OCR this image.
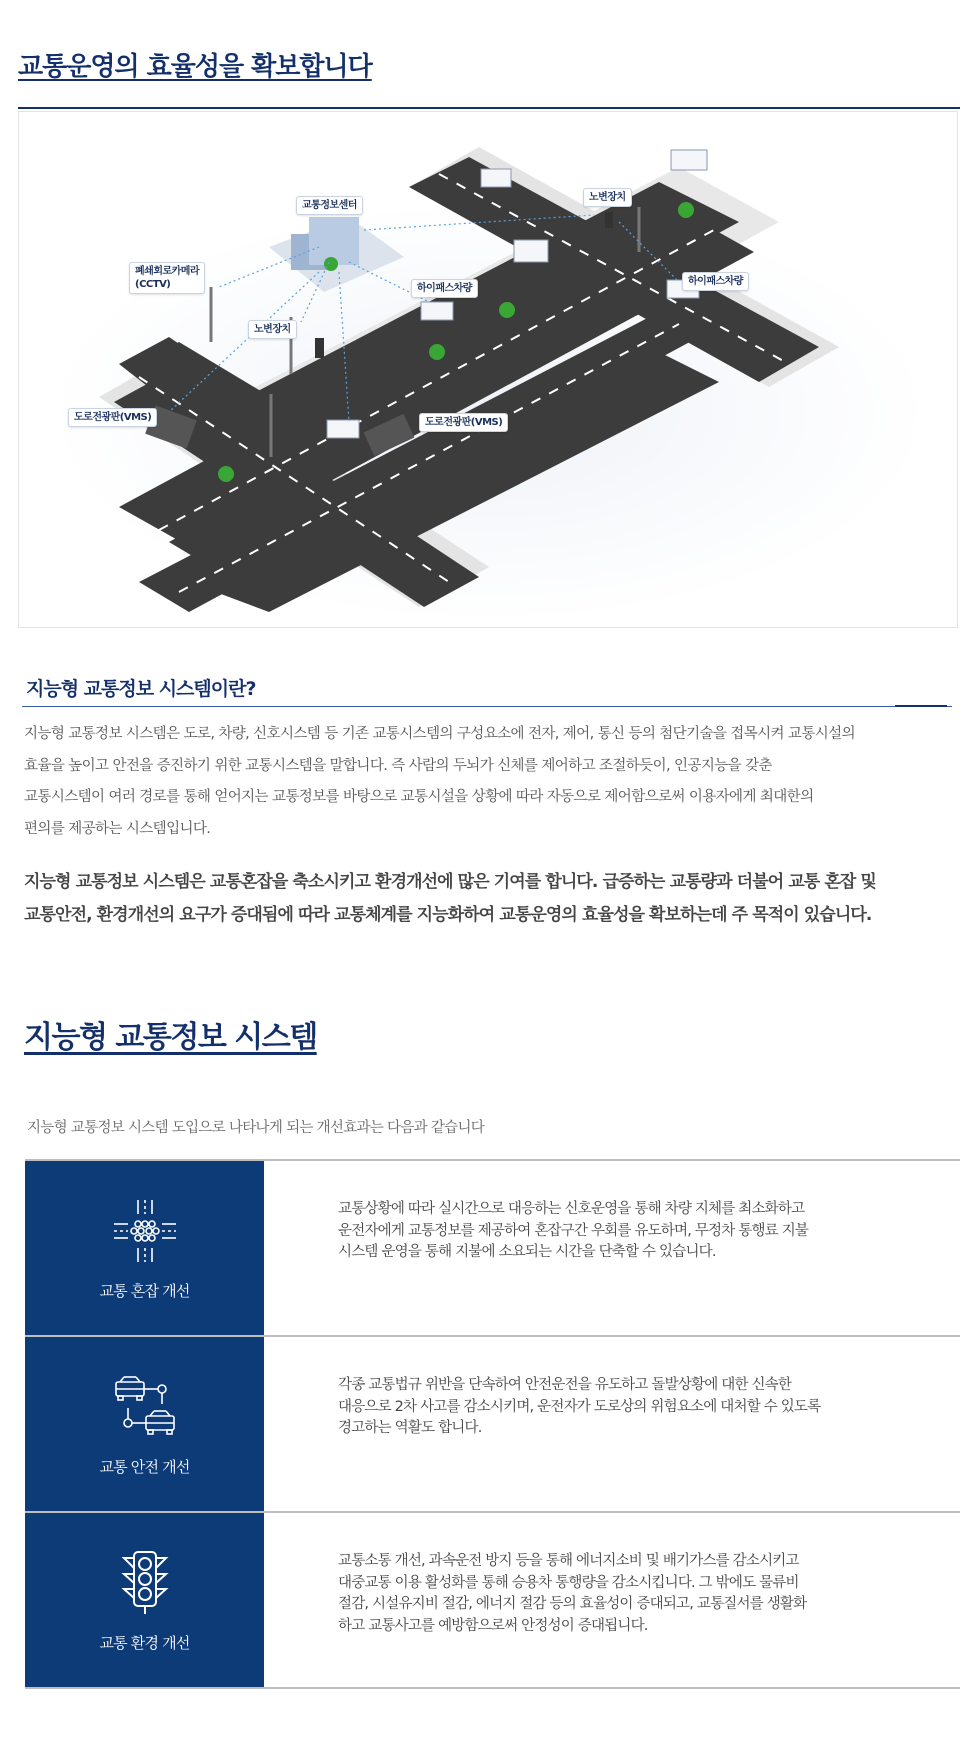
교통운영의 효율성을 확보합니다
교통정보센터
폐쇄회로카메라
(CCTV)
노변장치
노변장치
하이패스차량
하이패스차량
도로전광판(VMS)	도로전광판(VMS)
지능형 교통정보 시스템이란?
지능형 교통정보 시스템은 도로, 차량, 신호시스템 등 기존 교통시스템의 구성요소에 전자, 제어, 통신 등의 첨단기술을 접목시켜 교통시설의
효율을 높이고 안전을 증진하기 위한 교통시스템을 말합니다. 즉 사람의 두뇌가 신체를 제어하고 조절하듯이, 인공지능을 갖춘
교통시스템이 여러 경로를 통해 얻어지는 교통정보를 바탕으로 교통시설을 상황에 따라 자동으로 제어함으로써 이용자에게 최대한의
편의를 제공하는 시스템입니다.
지능형 교통정보 시스템은 교통혼잡을 축소시키고 환경개선에 많은 기여를 합니다. 급증하는 교통량과 더불어 교통 혼잡 및
교통안전, 환경개선의 요구가 증대됨에 따라 교통체계를 지능화하여 교통운영의 효율성을 확보하는데 주 목적이 있습니다.
지능형 교통정보 시스템
지능형 교통정보 시스템 도입으로 나타나게 되는 개선효과는 다음과 같습니다
교통 혼잡 개선
교통상황에 따라 실시간으로 대응하는 신호운영을 통해 차량 지체를 최소화하고
운전자에게 교통정보를 제공하여 혼잡구간 우회를 유도하며, 무정차 통행료 지불
시스템 운영을 통해 지불에 소요되는 시간을 단축할 수 있습니다.
교통 안전 개선
각종 교통법규 위반을 단속하여 안전운전을 유도하고 돌발상황에 대한 신속한
대응으로 2차 사고를 감소시키며, 운전자가 도로상의 위험요소에 대처할 수 있도록
경고하는 역활도 합니다.
교통 환경 개선
교통소통 개선, 과속운전 방지 등을 통해 에너지소비 및 배기가스를 감소시키고
대중교통 이용 활성화를 통해 승용차 통행량을 감소시킵니다. 그 밖에도 물류비
절감, 시설유지비 절감, 에너지 절감 등의 효율성이 증대되고, 교통질서를 생활화
하고 교통사고를 예방함으로써 안정성이 증대됩니다.
